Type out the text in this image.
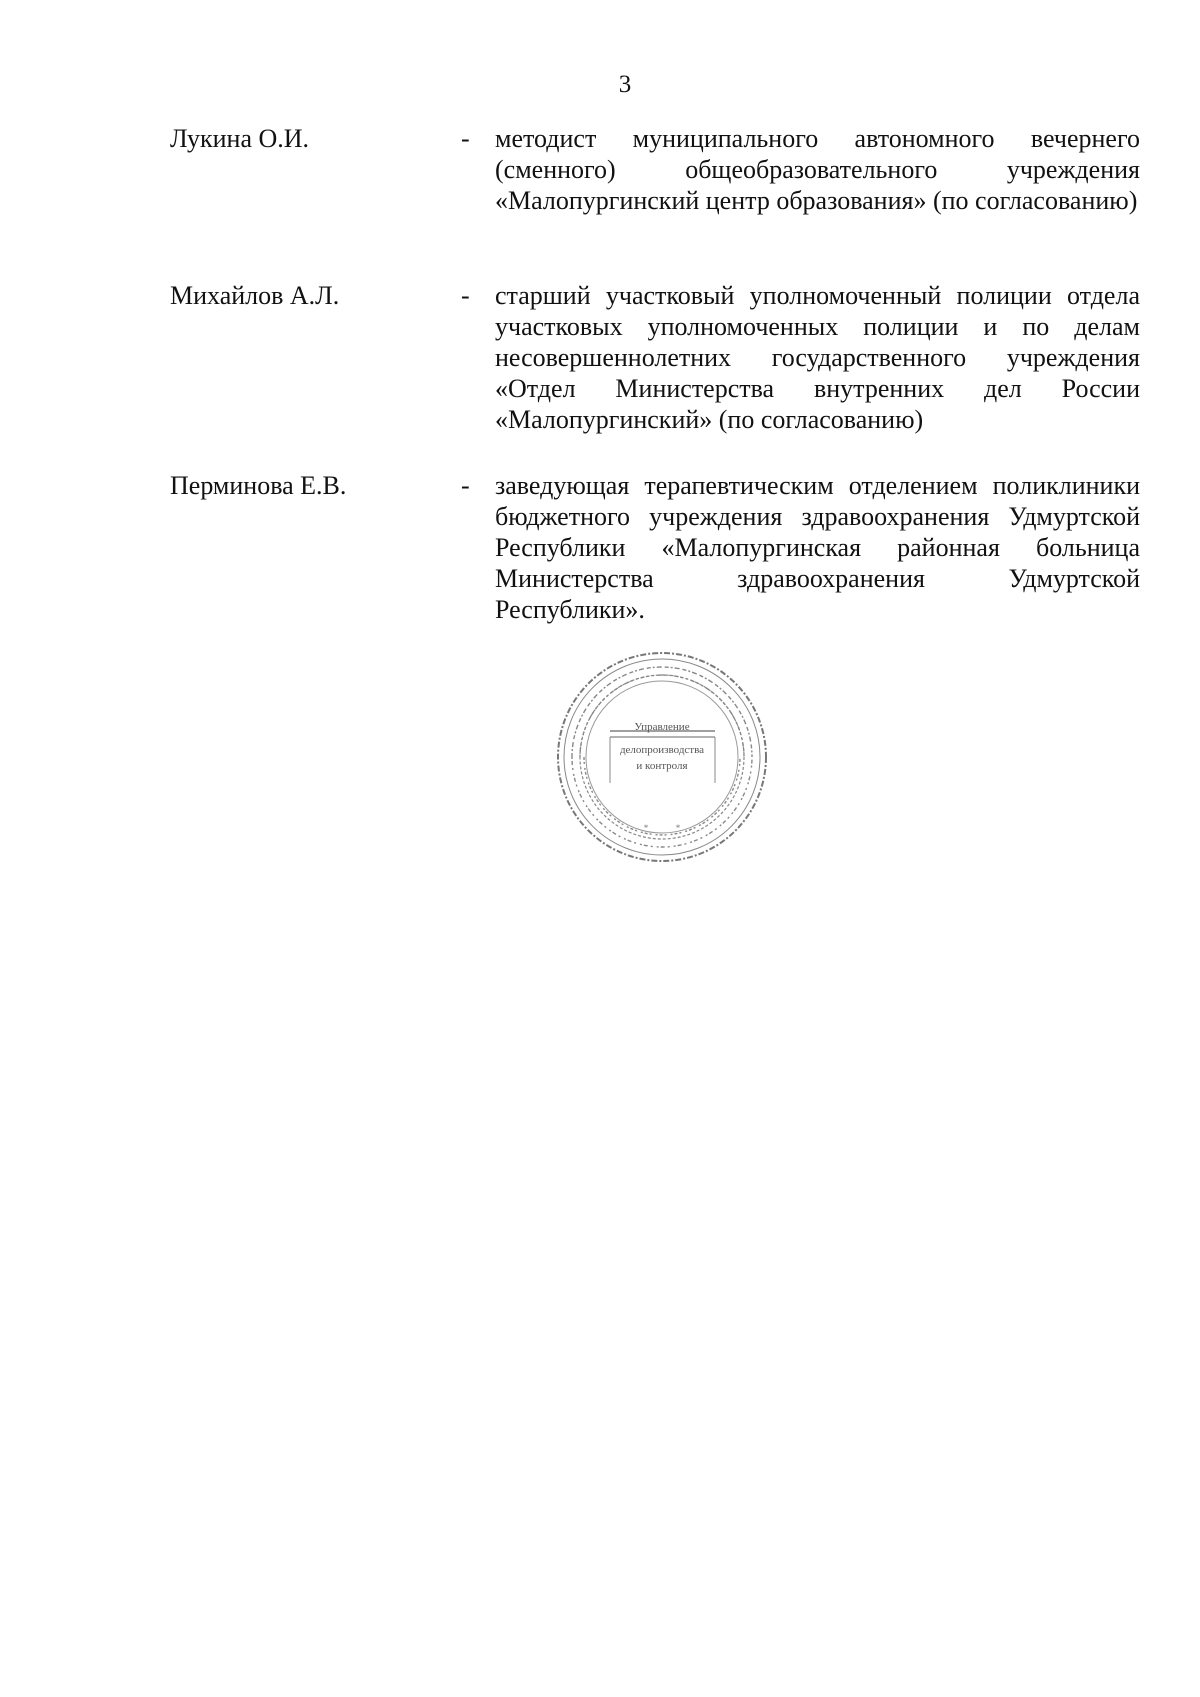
3
Лукина О.И.	- методист муниципального автономного вечернего (сменного) общеобразовательного учреждения «Малопургинский центр образования» (по согласованию)
Михайлов А.Л.	- старший участковый уполномоченный полиции отдела участковых уполномоченных полиции и по делам несовершеннолетних государственного учреждения «Отдел Министерства внутренних дел России «Малопургинский» (по согласованию)
Перминова Е.В.	- заведующая терапевтическим отделением поликлиники бюджетного учреждения здравоохранения Удмуртской Республики «Малопургинская районная больница Министерства здравоохранения Удмуртской Республики».
Управление
делопроизводства
и контроля
*	*
